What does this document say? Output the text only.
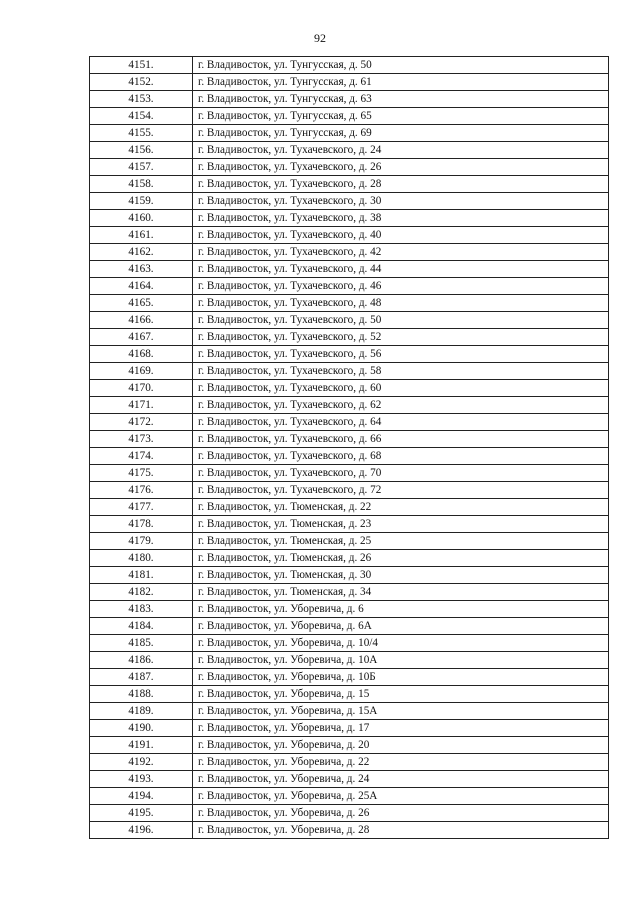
92
4151.	г. Владивосток, ул. Тунгусская, д. 50
4152.	г. Владивосток, ул. Тунгусская, д. 61
4153.	г. Владивосток, ул. Тунгусская, д. 63
4154.	г. Владивосток, ул. Тунгусская, д. 65
4155.	г. Владивосток, ул. Тунгусская, д. 69
4156.	г. Владивосток, ул. Тухачевского, д. 24
4157.	г. Владивосток, ул. Тухачевского, д. 26
4158.	г. Владивосток, ул. Тухачевского, д. 28
4159.	г. Владивосток, ул. Тухачевского, д. 30
4160.	г. Владивосток, ул. Тухачевского, д. 38
4161.	г. Владивосток, ул. Тухачевского, д. 40
4162.	г. Владивосток, ул. Тухачевского, д. 42
4163.	г. Владивосток, ул. Тухачевского, д. 44
4164.	г. Владивосток, ул. Тухачевского, д. 46
4165.	г. Владивосток, ул. Тухачевского, д. 48
4166.	г. Владивосток, ул. Тухачевского, д. 50
4167.	г. Владивосток, ул. Тухачевского, д. 52
4168.	г. Владивосток, ул. Тухачевского, д. 56
4169.	г. Владивосток, ул. Тухачевского, д. 58
4170.	г. Владивосток, ул. Тухачевского, д. 60
4171.	г. Владивосток, ул. Тухачевского, д. 62
4172.	г. Владивосток, ул. Тухачевского, д. 64
4173.	г. Владивосток, ул. Тухачевского, д. 66
4174.	г. Владивосток, ул. Тухачевского, д. 68
4175.	г. Владивосток, ул. Тухачевского, д. 70
4176.	г. Владивосток, ул. Тухачевского, д. 72
4177.	г. Владивосток, ул. Тюменская, д. 22
4178.	г. Владивосток, ул. Тюменская, д. 23
4179.	г. Владивосток, ул. Тюменская, д. 25
4180.	г. Владивосток, ул. Тюменская, д. 26
4181.	г. Владивосток, ул. Тюменская, д. 30
4182.	г. Владивосток, ул. Тюменская, д. 34
4183.	г. Владивосток, ул. Уборевича, д. 6
4184.	г. Владивосток, ул. Уборевича, д. 6А
4185.	г. Владивосток, ул. Уборевича, д. 10/4
4186.	г. Владивосток, ул. Уборевича, д. 10А
4187.	г. Владивосток, ул. Уборевича, д. 10Б
4188.	г. Владивосток, ул. Уборевича, д. 15
4189.	г. Владивосток, ул. Уборевича, д. 15А
4190.	г. Владивосток, ул. Уборевича, д. 17
4191.	г. Владивосток, ул. Уборевича, д. 20
4192.	г. Владивосток, ул. Уборевича, д. 22
4193.	г. Владивосток, ул. Уборевича, д. 24
4194.	г. Владивосток, ул. Уборевича, д. 25А
4195.	г. Владивосток, ул. Уборевича, д. 26
4196.	г. Владивосток, ул. Уборевича, д. 28
